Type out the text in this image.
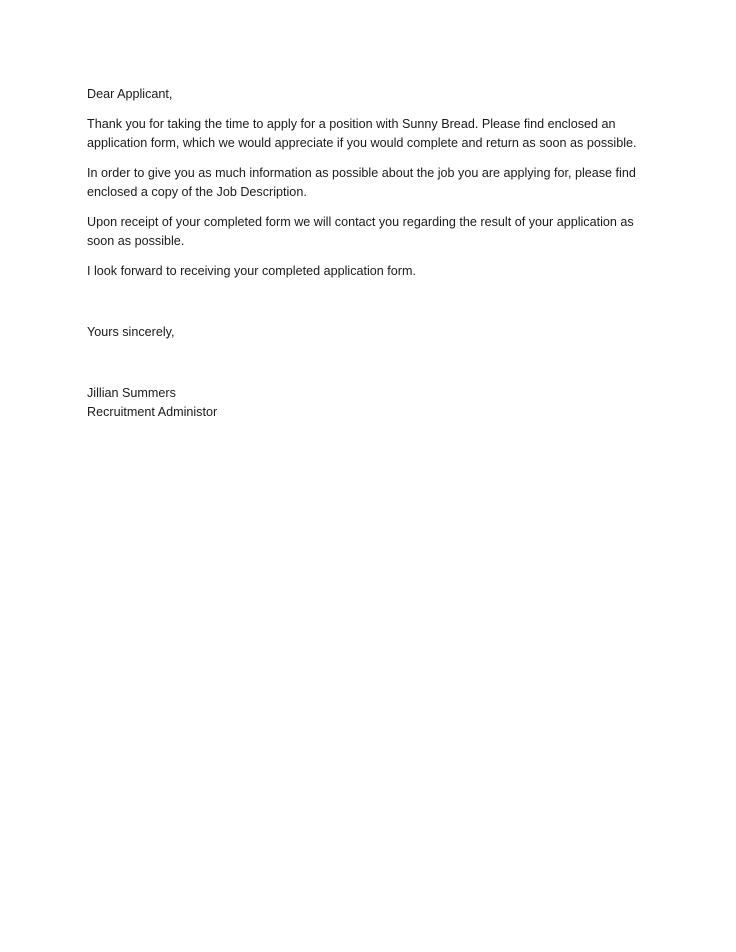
Dear Applicant,

Thank you for taking the time to apply for a position with Sunny Bread. Please find enclosed an application form, which we would appreciate if you would complete and return as soon as possible.

In order to give you as much information as possible about the job you are applying for, please find enclosed a copy of the Job Description.

Upon receipt of your completed form we will contact you regarding the result of your application as soon as possible.

I look forward to receiving your completed application form.

Yours sincerely,

Jillian Summers

Recruitment Administor
